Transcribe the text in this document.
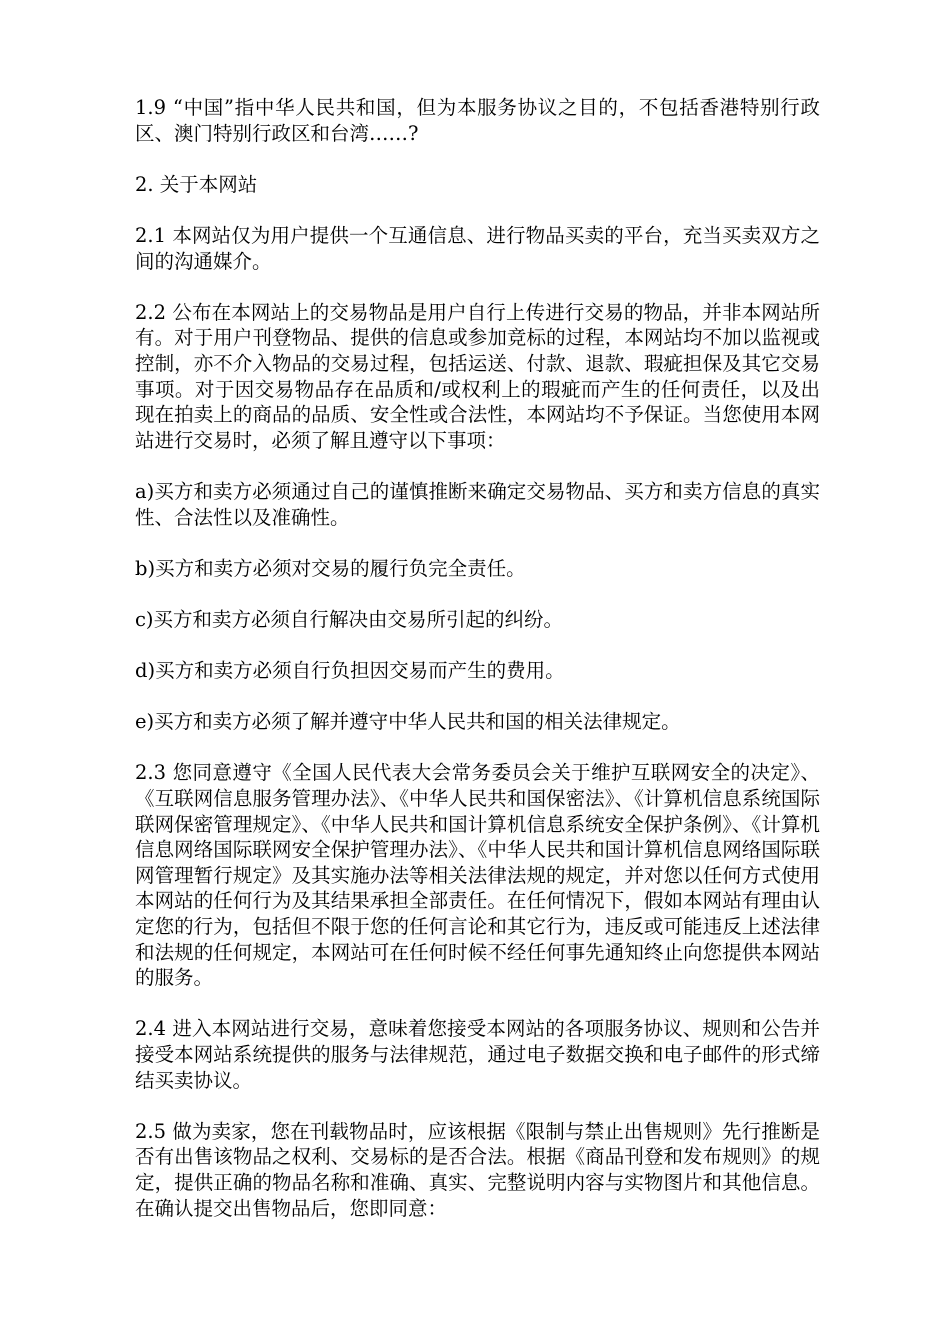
1.9 “中国”指中华人民共和国，但为本服务协议之目的，不包括香港特别行政区、澳门特别行政区和台湾……?

2. 关于本网站

2.1 本网站仅为用户提供一个互通信息、进行物品买卖的平台，充当买卖双方之间的沟通媒介。

2.2 公布在本网站上的交易物品是用户自行上传进行交易的物品，并非本网站所有。对于用户刊登物品、提供的信息或参加竞标的过程，本网站均不加以监视或控制，亦不介入物品的交易过程，包括运送、付款、退款、瑕疵担保及其它交易事项。对于因交易物品存在品质和/或权利上的瑕疵而产生的任何责任，以及出现在拍卖上的商品的品质、安全性或合法性，本网站均不予保证。当您使用本网站进行交易时，必须了解且遵守以下事项：

a)买方和卖方必须通过自己的谨慎推断来确定交易物品、买方和卖方信息的真实性、合法性以及准确性。

b)买方和卖方必须对交易的履行负完全责任。

c)买方和卖方必须自行解决由交易所引起的纠纷。

d)买方和卖方必须自行负担因交易而产生的费用。

e)买方和卖方必须了解并遵守中华人民共和国的相关法律规定。

2.3 您同意遵守《全国人民代表大会常务委员会关于维护互联网安全的决定》、《互联网信息服务管理办法》、《中华人民共和国保密法》、《计算机信息系统国际联网保密管理规定》、《中华人民共和国计算机信息系统安全保护条例》、《计算机信息网络国际联网安全保护管理办法》、《中华人民共和国计算机信息网络国际联网管理暂行规定》及其实施办法等相关法律法规的规定，并对您以任何方式使用本网站的任何行为及其结果承担全部责任。在任何情况下，假如本网站有理由认定您的行为，包括但不限于您的任何言论和其它行为，违反或可能违反上述法律和法规的任何规定，本网站可在任何时候不经任何事先通知终止向您提供本网站的服务。

2.4 进入本网站进行交易，意味着您接受本网站的各项服务协议、规则和公告并接受本网站系统提供的服务与法律规范，通过电子数据交换和电子邮件的形式缔结买卖协议。

2.5 做为卖家，您在刊载物品时，应该根据《限制与禁止出售规则》先行推断是否有出售该物品之权利、交易标的是否合法。根据《商品刊登和发布规则》的规定，提供正确的物品名称和准确、真实、完整说明内容与实物图片和其他信息。在确认提交出售物品后，您即同意：
